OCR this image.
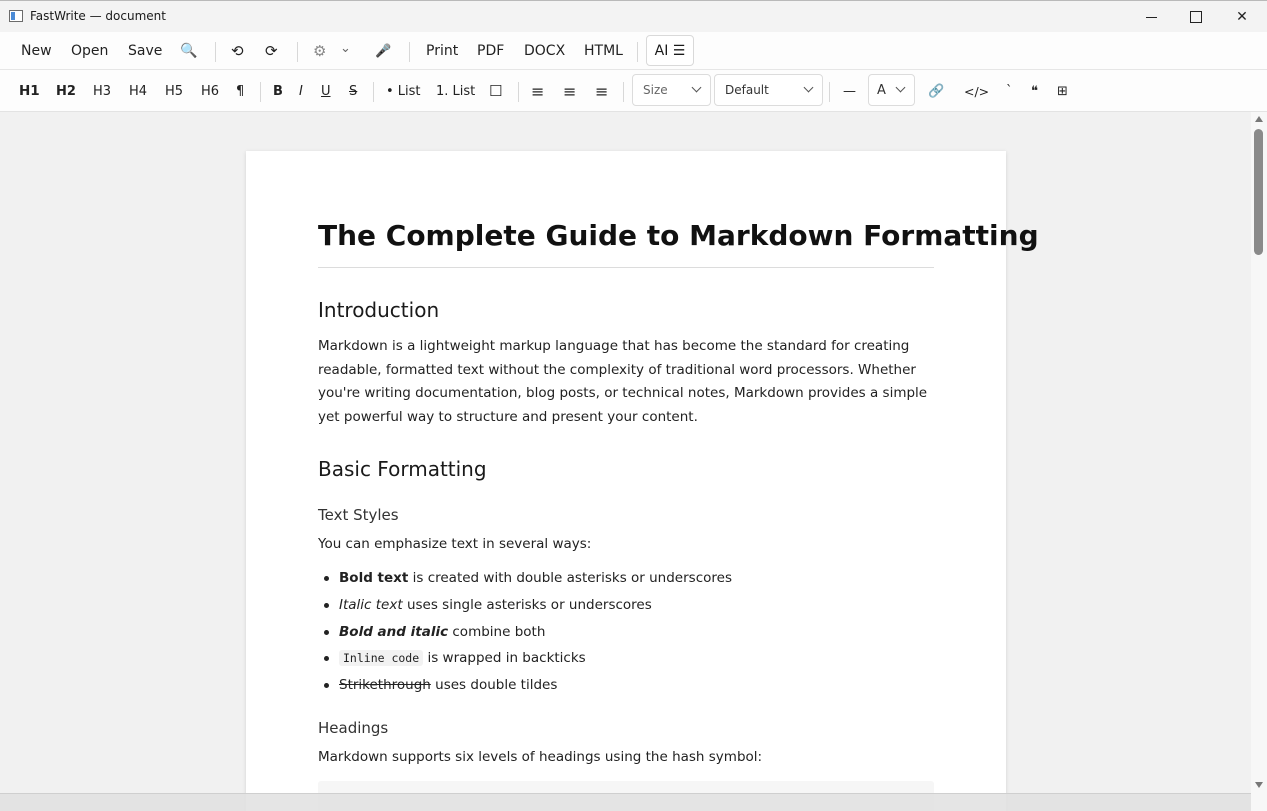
FastWrite — document	✕
New Open Save 🔍 ⟲ ⟳ ⚙ ⌄ 🎤 Print PDF DOCX HTML	AI ☰
H1 H2 H3 H4 H5 H6 ¶ B I U S • List 1. List ☐ ≡ ≡ ≡	—	🔗 </> ` ❝ ⊞
Size	Default	A
The Complete Guide to Markdown Formatting
Introduction
Markdown is a lightweight markup language that has become the standard for creating readable, formatted text without the complexity of traditional word processors. Whether you're writing documentation, blog posts, or technical notes, Markdown provides a simple yet powerful way to structure and present your content.
Basic Formatting
Text Styles
You can emphasize text in several ways:
Bold text is created with double asterisks or underscores
Italic text uses single asterisks or underscores
Bold and italic combine both
Inline code is wrapped in backticks
Strikethrough uses double tildes
Headings
Markdown supports six levels of headings using the hash symbol:
